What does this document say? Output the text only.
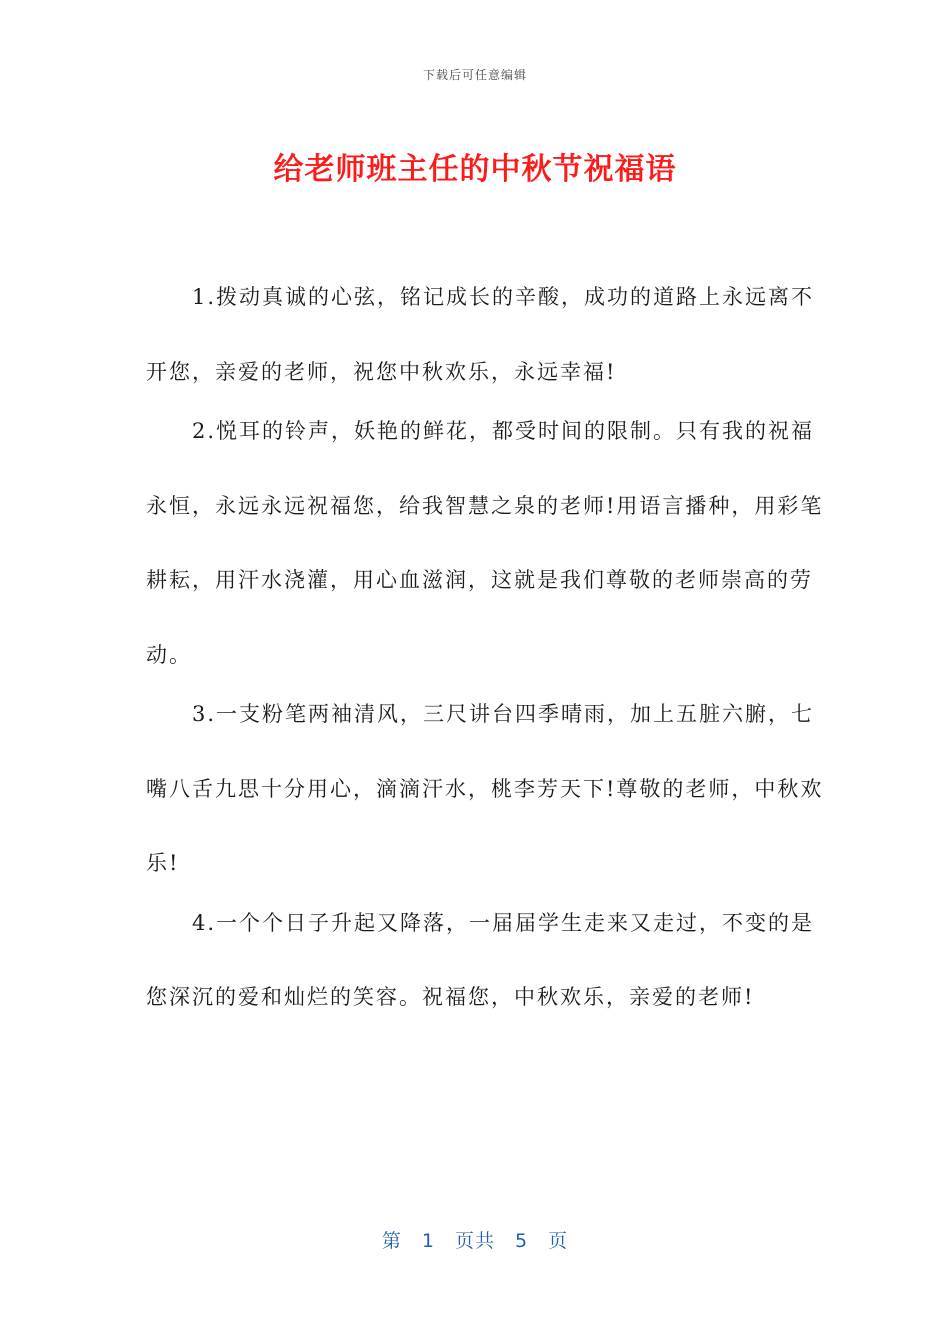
下载后可任意编辑
给老师班主任的中秋节祝福语

1.拨动真诚的心弦，铭记成长的辛酸，成功的道路上永远离不开您，亲爱的老师，祝您中秋欢乐，永远幸福!

2.悦耳的铃声，妖艳的鲜花，都受时间的限制。只有我的祝福永恒，永远永远祝福您，给我智慧之泉的老师!用语言播种，用彩笔耕耘，用汗水浇灌，用心血滋润，这就是我们尊敬的老师崇高的劳动。

3.一支粉笔两袖清风，三尺讲台四季晴雨，加上五脏六腑，七嘴八舌九思十分用心，滴滴汗水，桃李芳天下!尊敬的老师，中秋欢乐!

4.一个个日子升起又降落，一届届学生走来又走过，不变的是您深沉的爱和灿烂的笑容。祝福您，中秋欢乐，亲爱的老师!

第 1 页共 5 页
